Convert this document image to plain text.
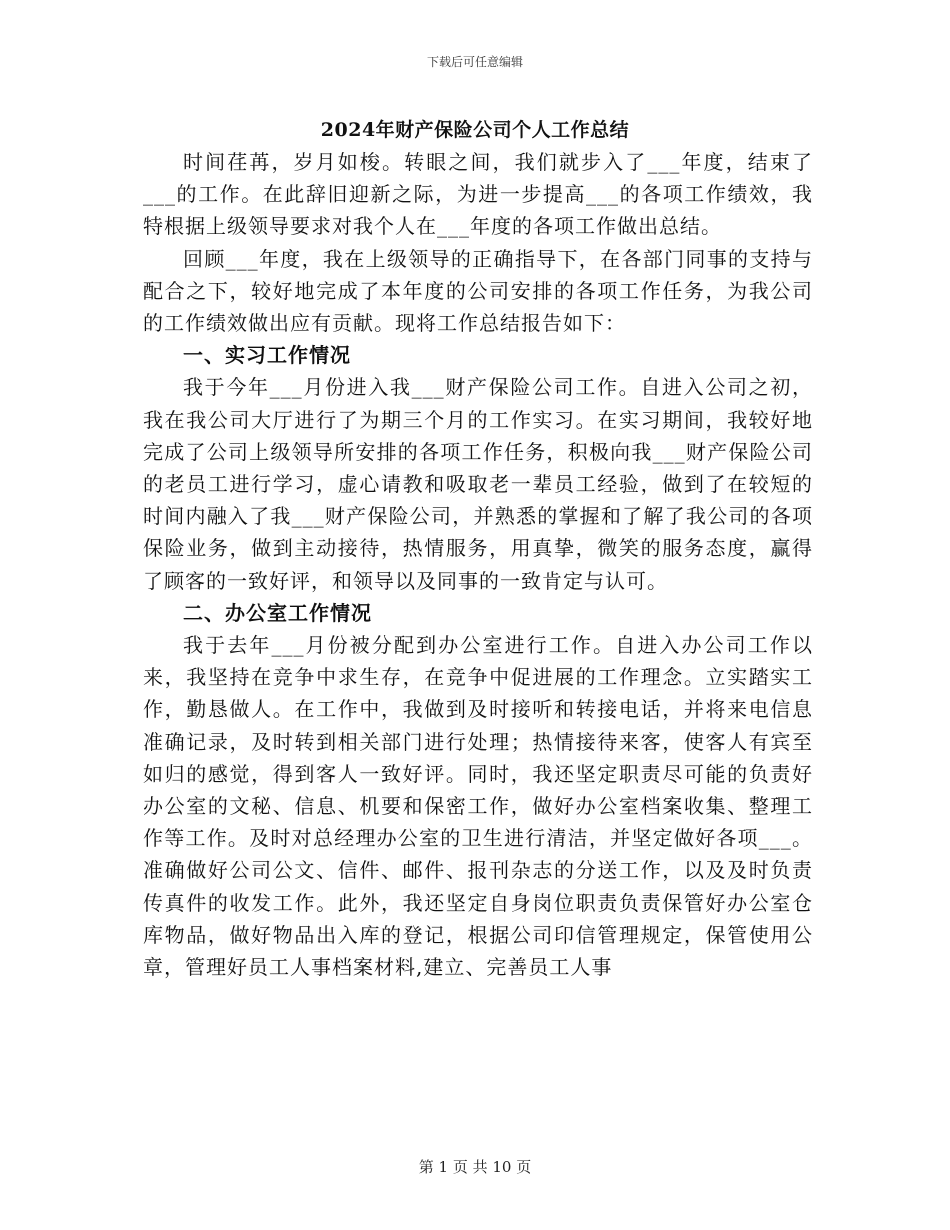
下载后可任意编辑
2024年财产保险公司个人工作总结

时间荏苒，岁月如梭。转眼之间，我们就步入了___年度，结束了___的工作。在此辞旧迎新之际，为进一步提高___的各项工作绩效，我特根据上级领导要求对我个人在___年度的各项工作做出总结。

回顾___年度，我在上级领导的正确指导下，在各部门同事的支持与配合之下，较好地完成了本年度的公司安排的各项工作任务，为我公司的工作绩效做出应有贡献。现将工作总结报告如下：

一、实习工作情况

我于今年___月份进入我___财产保险公司工作。自进入公司之初，我在我公司大厅进行了为期三个月的工作实习。在实习期间，我较好地完成了公司上级领导所安排的各项工作任务，积极向我___财产保险公司的老员工进行学习，虚心请教和吸取老一辈员工经验，做到了在较短的时间内融入了我___财产保险公司，并熟悉的掌握和了解了我公司的各项保险业务，做到主动接待，热情服务，用真挚，微笑的服务态度，赢得了顾客的一致好评，和领导以及同事的一致肯定与认可。

二、办公室工作情况

我于去年___月份被分配到办公室进行工作。自进入办公司工作以来，我坚持在竞争中求生存，在竞争中促进展的工作理念。立实踏实工作，勤恳做人。在工作中，我做到及时接听和转接电话，并将来电信息准确记录，及时转到相关部门进行处理；热情接待来客，使客人有宾至如归的感觉，得到客人一致好评。同时，我还坚定职责尽可能的负责好办公室的文秘、信息、机要和保密工作，做好办公室档案收集、整理工作等工作。及时对总经理办公室的卫生进行清洁，并坚定做好各项___。准确做好公司公文、信件、邮件、报刊杂志的分送工作，以及及时负责传真件的收发工作。此外，我还坚定自身岗位职责负责保管好办公室仓库物品，做好物品出入库的登记，根据公司印信管理规定，保管使用公章，管理好员工人事档案材料,建立、完善员工人事

第 1 页 共 10 页
